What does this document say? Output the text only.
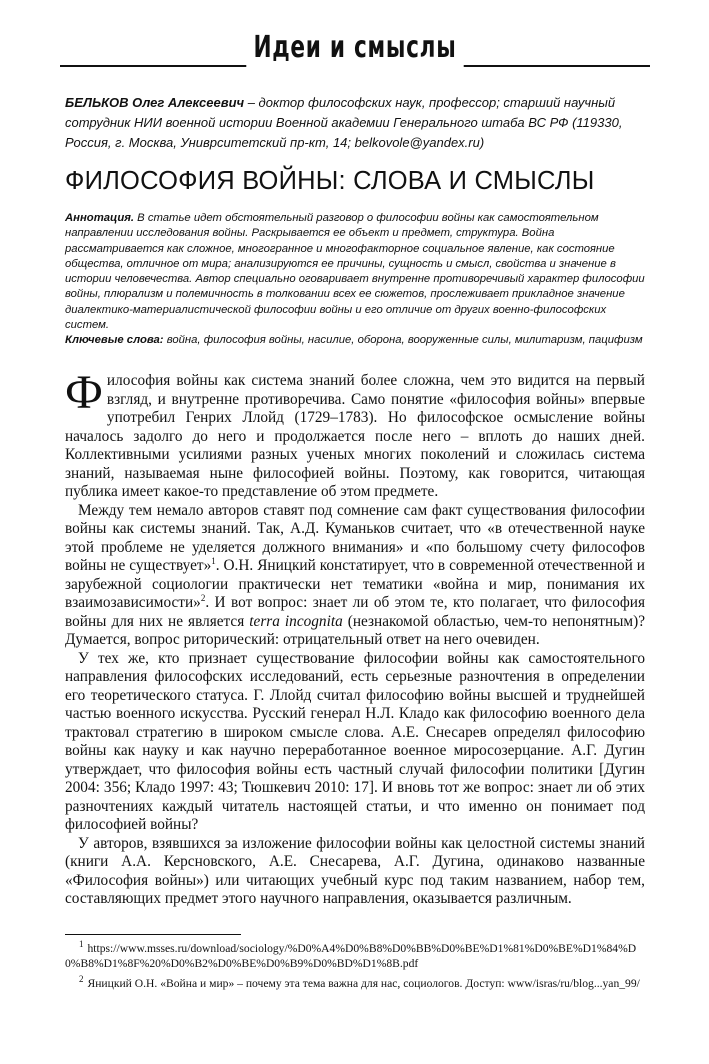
Идеи и смыслы
БЕЛЬКОВ Олег Алексеевич – доктор философских наук, профессор; старший научный сотрудник НИИ военной истории Военной академии Генерального штаба ВС РФ (119330, Россия, г. Москва, Униврситетский пр-кт, 14; belkovole@yandex.ru)
ФИЛОСОФИЯ ВОЙНЫ: СЛОВА И СМЫСЛЫ
Аннотация. В статье идет обстоятельный разговор о философии войны как самостоятельном направлении исследования войны. Раскрывается ее объект и предмет, структура. Война рассматривается как сложное, многогранное и многофакторное социальное явление, как состояние общества, отличное от мира; анализируются ее причины, сущность и смысл, свойства и значение в истории человечества. Автор специально оговаривает внутренне противоречивый характер философии войны, плюрализм и полемичность в толковании всех ее сюжетов, прослеживает прикладное значение диалектико-материалистической философии войны и его отличие от других военно-философских систем.
Ключевые слова: война, философия войны, насилие, оборона, вооруженные силы, милитаризм, пацифизм

Философия войны как система знаний более сложна, чем это видится на первый взгляд, и внутренне противоречива. Само понятие «философия войны» впервые употребил Генрих Ллойд (1729–1783). Но философское осмысление войны началось задолго до него и продолжается после него – вплоть до наших дней. Коллективными усилиями разных ученых многих поколений и сложилась система знаний, называемая ныне философией войны. Поэтому, как говорится, читающая публика имеет какое-то представление об этом предмете.

Между тем немало авторов ставят под сомнение сам факт существования философии войны как системы знаний. Так, А.Д. Куманьков считает, что «в отечественной науке этой проблеме не уделяется должного внимания» и «по большому счету философов войны не существует»$^1$. О.Н. Яницкий констатирует, что в современной отечественной и зарубежной социологии практически нет тематики «война и мир, понимания их взаимозависимости»$^2$. И вот вопрос: знает ли об этом те, кто полагает, что философия войны для них не является terra incognita (незнакомой областью, чем-то непонятным)? Думается, вопрос риторический: отрицательный ответ на него очевиден.

У тех же, кто признает существование философии войны как самостоятельного направления философских исследований, есть серьезные разночтения в определении его теоретического статуса. Г. Ллойд считал философию войны высшей и труднейшей частью военного искусства. Русский генерал Н.Л. Кладо как философию военного дела трактовал стратегию в широком смысле слова. А.Е. Снесарев определял философию войны как науку и как научно переработанное военное миросозерцание. А.Г. Дугин утверждает, что философия войны есть частный случай философии политики [Дугин 2004: 356; Кладо 1997: 43; Тюшкевич 2010: 17]. И вновь тот же вопрос: знает ли об этих разночтениях каждый читатель настоящей статьи, и что именно он понимает под философией войны?

У авторов, взявшихся за изложение философии войны как целостной системы знаний (книги А.А. Керсновского, А.Е. Снесарева, А.Г. Дугина, одинаково названные «Философия войны») или читающих учебный курс под таким названием, набор тем, составляющих предмет этого научного направления, оказывается различным.

$^1$ https://www.msses.ru/download/sociology/%D0%A4%D0%B8%D0%BB%D0%BE%D1%81%D0%BE%D1%84%D0%B8%D1%8F%20%D0%B2%D0%BE%D0%B9%D0%BD%D1%8B.pdf

$^2$ Яницкий О.Н. «Война и мир» – почему эта тема важна для нас, социологов. Доступ: www/isras/ru/blog...yan_99/
